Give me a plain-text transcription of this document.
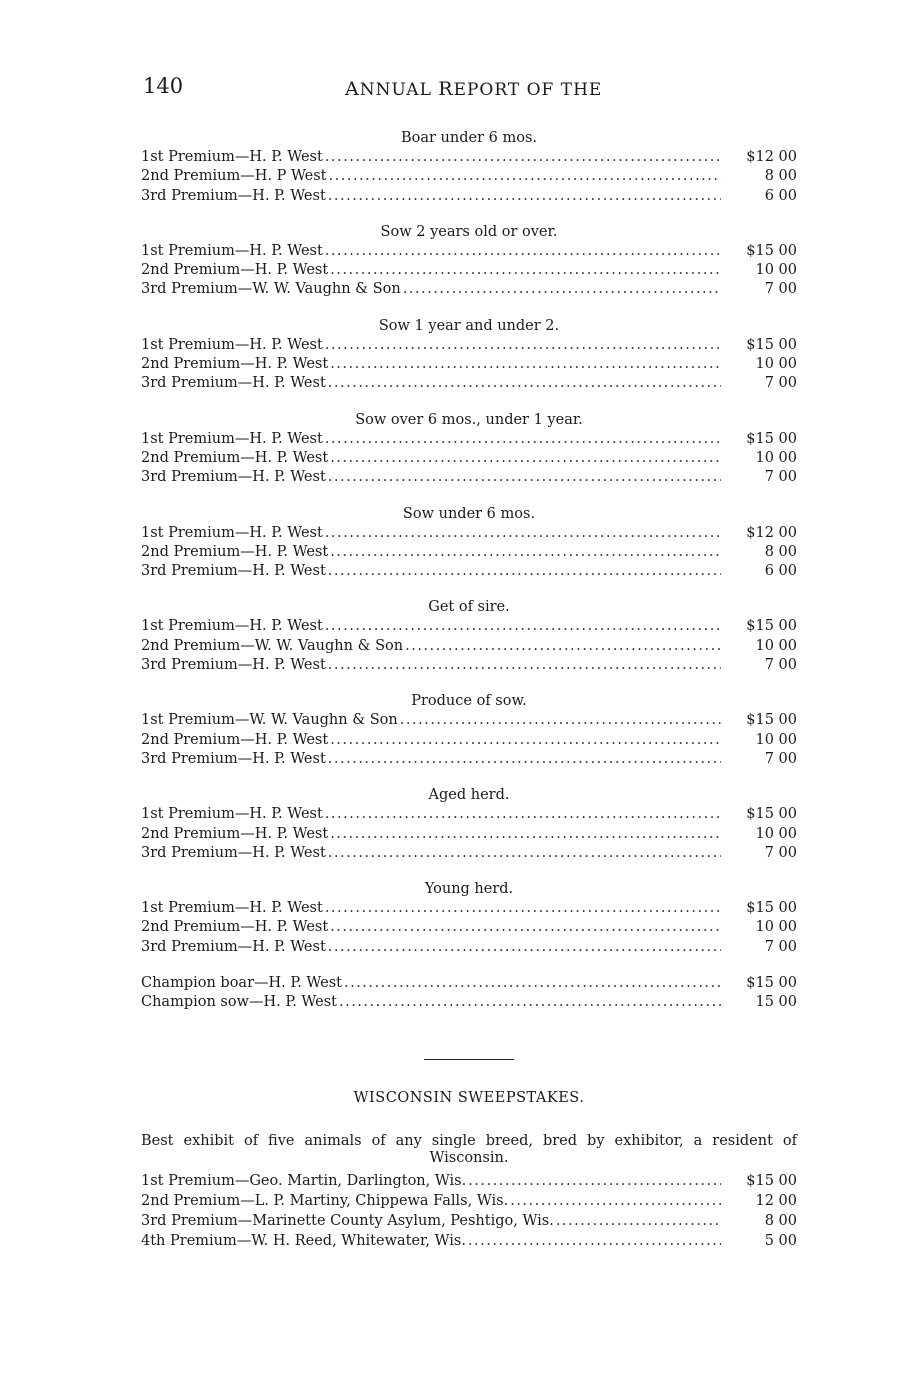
140	ANNUAL REPORT OF THE
Boar under 6 mos.
1st Premium—H. P. West .....	$12 00
2nd Premium—H. P West .....	8 00
3rd Premium—H. P. West .....	6 00
Sow 2 years old or over.
1st Premium—H. P. West .....	$15 00
2nd Premium—H. P. West .....	10 00
3rd Premium—W. W. Vaughn & Son .....	7 00
Sow 1 year and under 2.
1st Premium—H. P. West .....	$15 00
2nd Premium—H. P. West .....	10 00
3rd Premium—H. P. West .....	7 00
Sow over 6 mos., under 1 year.
1st Premium—H. P. West .....	$15 00
2nd Premium—H. P. West .....	10 00
3rd Premium—H. P. West .....	7 00
Sow under 6 mos.
1st Premium—H. P. West .....	$12 00
2nd Premium—H. P. West .....	8 00
3rd Premium—H. P. West .....	6 00
Get of sire.
1st Premium—H. P. West .....	$15 00
2nd Premium—W. W. Vaughn & Son .....	10 00
3rd Premium—H. P. West .....	7 00
Produce of sow.
1st Premium—W. W. Vaughn & Son .....	$15 00
2nd Premium—H. P. West .....	10 00
3rd Premium—H. P. West .....	7 00
Aged herd.
1st Premium—H. P. West .....	$15 00
2nd Premium—H. P. West .....	10 00
3rd Premium—H. P. West .....	7 00
Young herd.
1st Premium—H. P. West .....	$15 00
2nd Premium—H. P. West .....	10 00
3rd Premium—H. P. West .....	7 00
Champion boar—H. P. West .....	$15 00
Champion sow—H. P. West .....	15 00
WISCONSIN SWEEPSTAKES.
Best exhibit of five animals of any single breed, bred by exhibitor, a resident of Wisconsin.
1st Premium—Geo. Martin, Darlington, Wis. .....	$15 00
2nd Premium—L. P. Martiny, Chippewa Falls, Wis. .....	12 00
3rd Premium—Marinette County Asylum, Peshtigo, Wis. .....	8 00
4th Premium—W. H. Reed, Whitewater, Wis. .....	5 00
